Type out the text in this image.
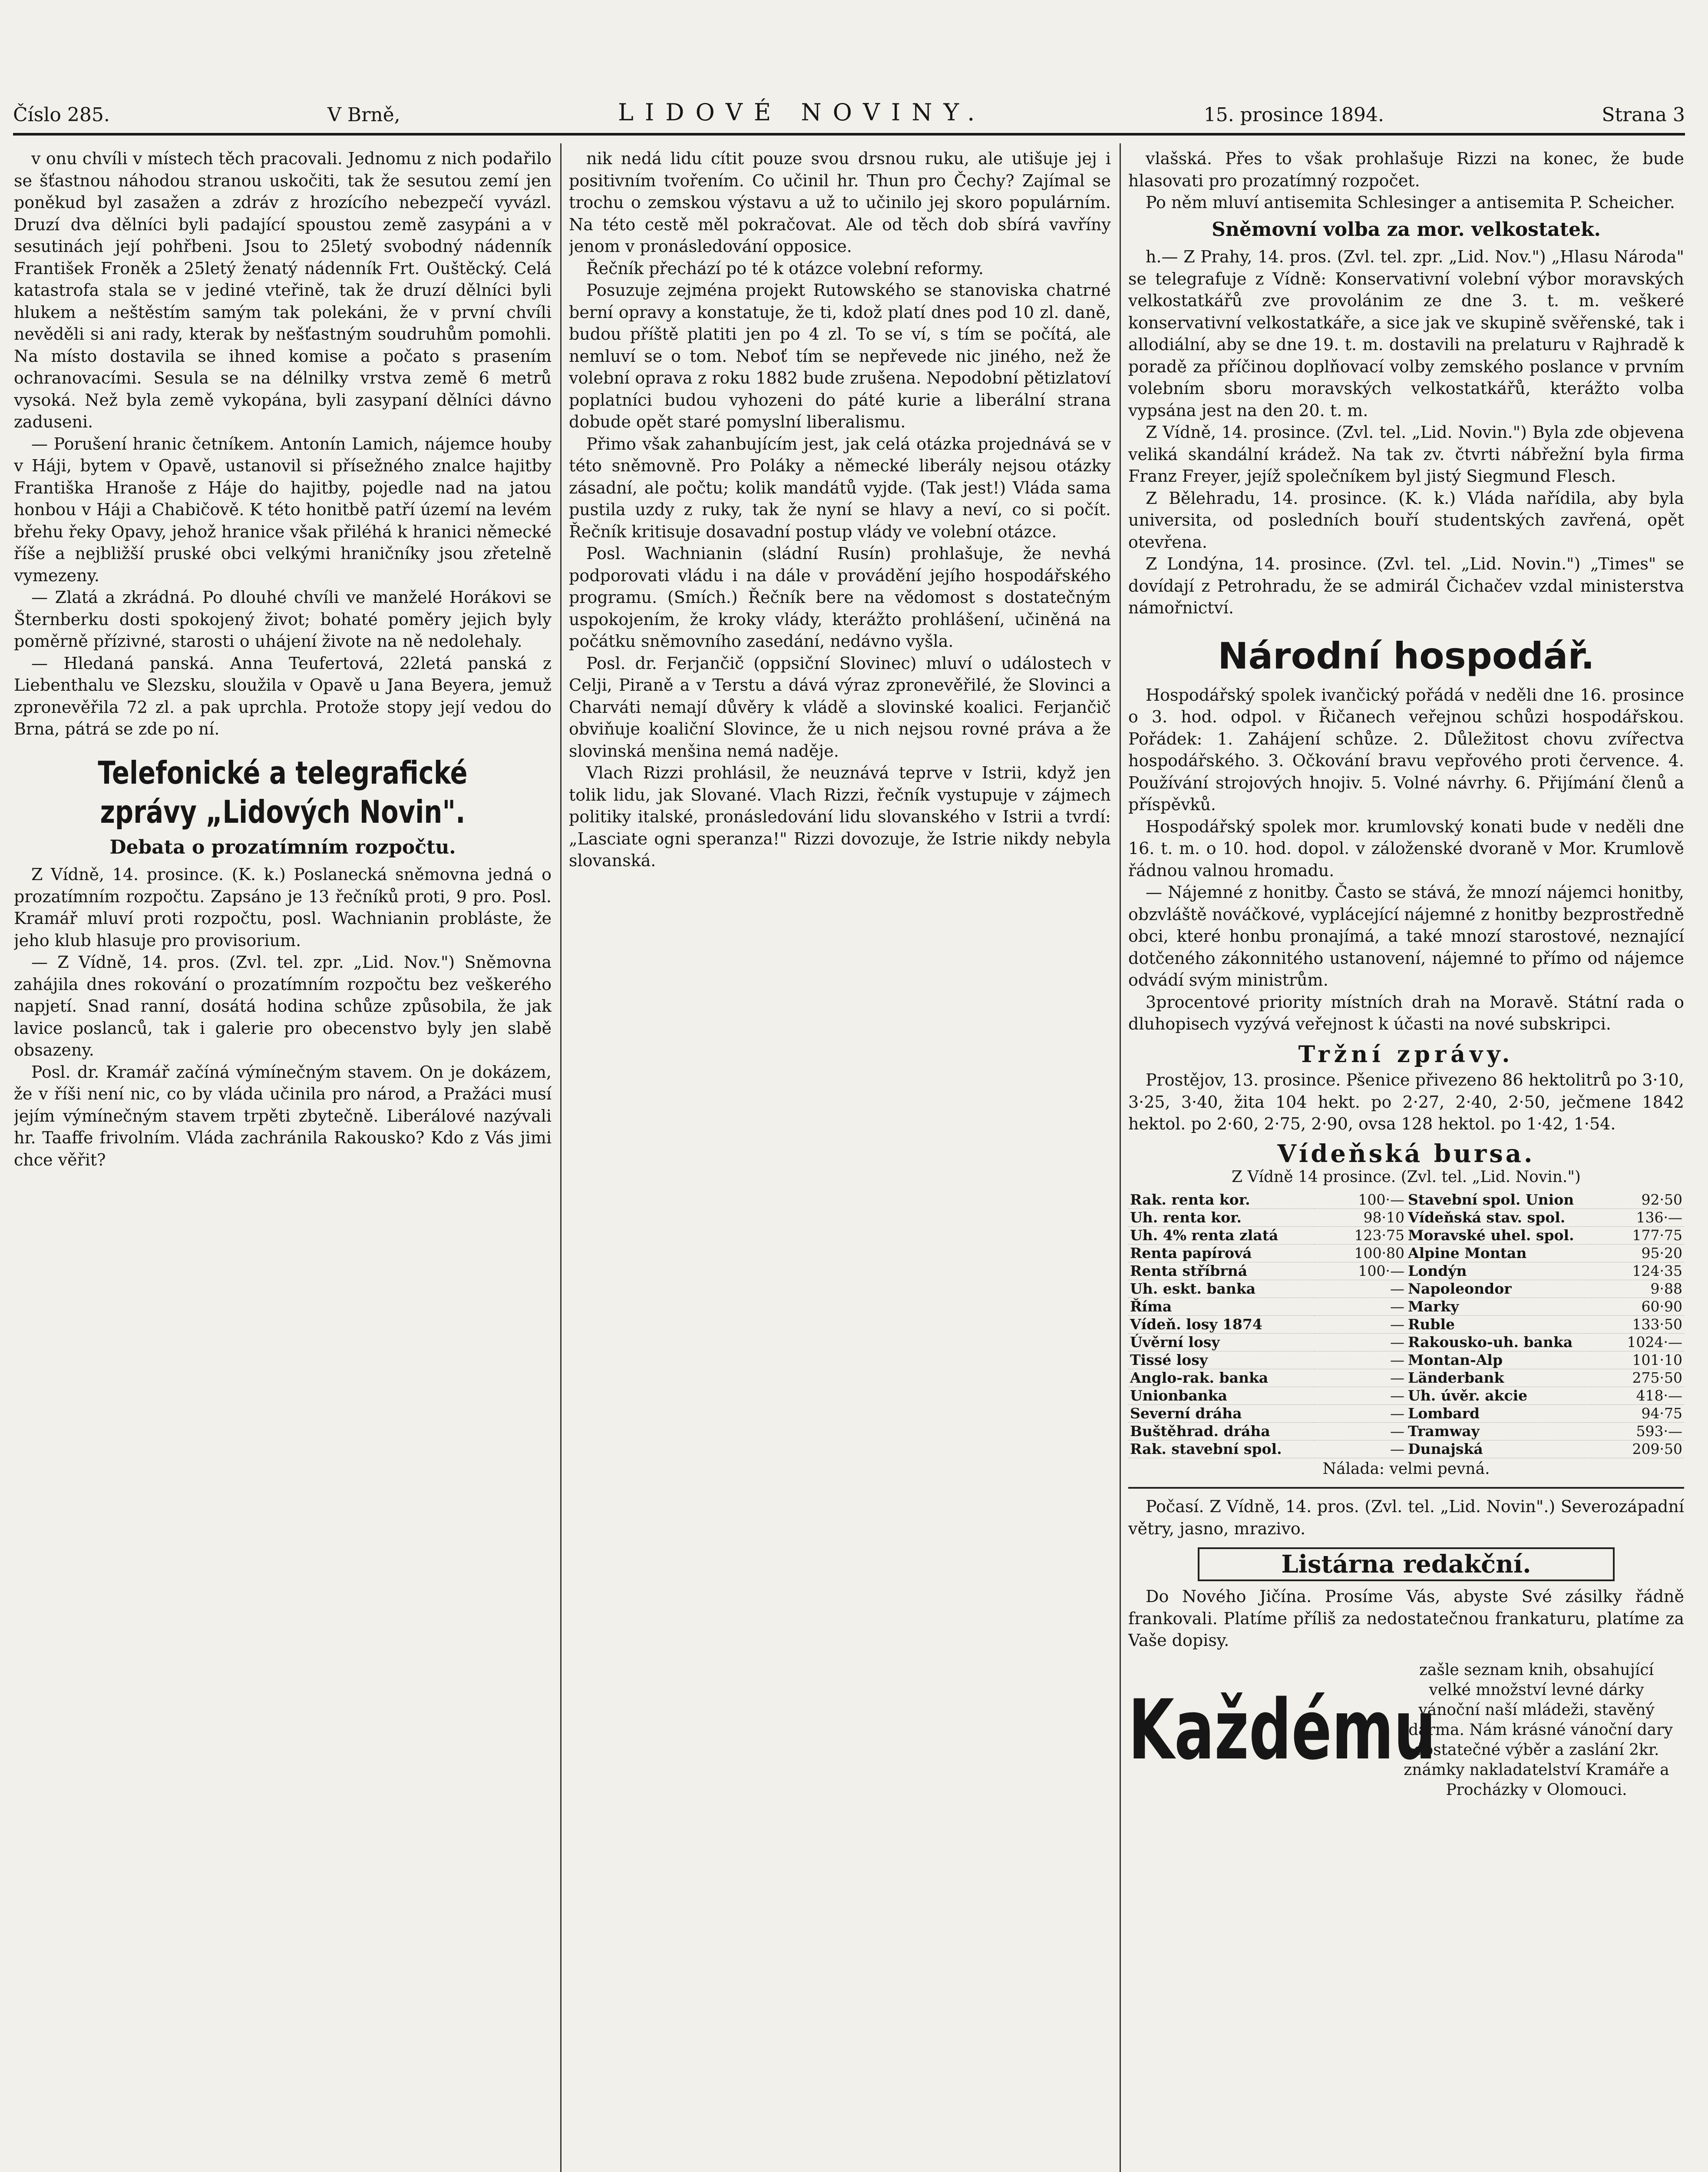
Číslo 285.	V Brně,	LIDOVÉ NOVINY.	15. prosince 1894.	Strana 3

v onu chvíli v místech těch pracovali. Jednomu z nich podařilo se šťastnou náhodou stranou uskočiti, tak že sesutou zemí jen poněkud byl zasažen a zdráv z hrozícího nebezpečí vyvázl. Druzí dva dělníci byli padající spoustou země zasypáni a v sesutinách její pohřbeni. Jsou to 25letý svobodný nádenník František Froněk a 25letý ženatý nádenník Frt. Ouštěcký. Celá katastrofa stala se v jediné vteřině, tak že druzí dělníci byli hlukem a neštěstím samým tak polekáni, že v první chvíli nevěděli si ani rady, kterak by nešťastným soudruhům pomohli. Na místo dostavila se ihned komise a počato s prasením ochranovacími. Sesula se na délnilky vrstva země 6 metrů vysoká. Než byla země vykopána, byli zasypaní dělníci dávno zaduseni.

— Porušení hranic četníkem. Antonín Lamich, nájemce houby v Háji, bytem v Opavě, ustanovil si přísežného znalce hajitby Františka Hranoše z Háje do hajitby, pojedle nad na jatou honbou v Háji a Chabičově. K této honitbě patří území na levém břehu řeky Opavy, jehož hranice však přiléhá k hranici německé říše a nejbližší pruské obci velkými hraničníky jsou zřetelně vymezeny.

— Zlatá a zkrádná. Po dlouhé chvíli ve manželé Horákovi se Šternberku dosti spokojený život; bohaté poměry jejich byly poměrně přízivné, starosti o uhájení živote na ně nedolehaly.

— Hledaná panská. Anna Teufertová, 22letá panská z Liebenthalu ve Slezsku, sloužila v Opavě u Jana Beyera, jemuž zpronevěřila 72 zl. a pak uprchla. Protože stopy její vedou do Brna, pátrá se zde po ní.

Telefonické a telegrafické zprávy „Lidových Novin".
Debata o prozatímním rozpočtu.

Z Vídně, 14. prosince. (K. k.) Poslanecká sněmovna jedná o prozatímním rozpočtu. Zapsáno je 13 řečníků proti, 9 pro. Posl. Kramář mluví proti rozpočtu, posl. Wachnianin probláste, že jeho klub hlasuje pro provisorium.

— Z Vídně, 14. pros. (Zvl. tel. zpr. „Lid. Nov.") Sněmovna zahájila dnes rokování o prozatímním rozpočtu bez veškerého napjetí. Snad ranní, dosátá hodina schůze způsobila, že jak lavice poslanců, tak i galerie pro obecenstvo byly jen slabě obsazeny.

Posl. dr. Kramář začíná výmínečným stavem. On je dokázem, že v říši není nic, co by vláda učinila pro národ, a Pražáci musí jejím výmínečným stavem trpěti zbytečně. Liberálové nazývali hr. Taaffe frivolním. Vláda zachránila Rakousko? Kdo z Vás jimi chce věřit?

nik nedá lidu cítit pouze svou drsnou ruku, ale utišuje jej i positivním tvořením. Co učinil hr. Thun pro Čechy? Zajímal se trochu o zemskou výstavu a už to učinilo jej skoro populárním. Na této cestě měl pokračovat. Ale od těch dob sbírá vavříny jenom v pronásledování opposice.

Řečník přechází po té k otázce volební reformy.

Posuzuje zejména projekt Rutowského se stanoviska chatrné berní opravy a konstatuje, že ti, kdož platí dnes pod 10 zl. daně, budou příště platiti jen po 4 zl. To se ví, s tím se počítá, ale nemluví se o tom. Neboť tím se nepřevede nic jiného, než že volební oprava z roku 1882 bude zrušena. Nepodobní pětizlatoví poplatníci budou vyhozeni do páté kurie a liberální strana dobude opět staré pomyslní liberalismu.

Přimo však zahanbujícím jest, jak celá otázka projednává se v této sněmovně. Pro Poláky a německé liberály nejsou otázky zásadní, ale počtu; kolik mandátů vyjde. (Tak jest!) Vláda sama pustila uzdy z ruky, tak že nyní se hlavy a neví, co si počít. Řečník kritisuje dosavadní postup vlády ve volební otázce.

Posl. Wachnianin (sládní Rusín) prohlašuje, že nevhá podporovati vládu i na dále v provádění jejího hospodářského programu. (Smích.) Řečník bere na vědomost s dostatečným uspokojením, že kroky vlády, kterážto prohlášení, učiněná na počátku sněmovního zasedání, nedávno vyšla.

Posl. dr. Ferjančič (oppsiční Slovinec) mluví o událostech v Celji, Piraně a v Terstu a dává výraz zpronevěřilé, že Slovinci a Charváti nemají důvěry k vládě a slovinské koalici. Ferjančič obviňuje koaliční Slovince, že u nich nejsou rovné práva a že slovinská menšina nemá naděje.

Vlach Rizzi prohlásil, že neuznává teprve v Istrii, když jen tolik lidu, jak Slované. Vlach Rizzi, řečník vystupuje v zájmech politiky italské, pronásledování lidu slovanského v Istrii a tvrdí: „Lasciate ogni speranza!" Rizzi dovozuje, že Istrie nikdy nebyla slovanská.

vlašská. Přes to však prohlašuje Rizzi na konec, že bude hlasovati pro prozatímný rozpočet.

Po něm mluví antisemita Schlesinger a antisemita P. Scheicher.

Sněmovní volba za mor. velkostatek.

h.— Z Prahy, 14. pros. (Zvl. tel. zpr. „Lid. Nov.") „Hlasu Národa" se telegrafuje z Vídně: Konservativní volební výbor moravských velkostatkářů zve provolánim ze dne 3. t. m. veškeré konservativní velkostatkáře, a sice jak ve skupině svěřenské, tak i allodiální, aby se dne 19. t. m. dostavili na prelaturu v Rajhradě k poradě za příčinou doplňovací volby zemského poslance v prvním volebním sboru moravských velkostatkářů, kterážto volba vypsána jest na den 20. t. m.

Z Vídně, 14. prosince. (Zvl. tel. „Lid. Novin.") Byla zde objevena veliká skandální krádež. Na tak zv. čtvrti nábřežní byla firma Franz Freyer, jejíž společníkem byl jistý Siegmund Flesch.

Z Bělehradu, 14. prosince. (K. k.) Vláda nařídila, aby byla universita, od posledních bouří studentských zavřená, opět otevřena.

Z Londýna, 14. prosince. (Zvl. tel. „Lid. Novin.") „Times" se dovídají z Petrohradu, že se admirál Čichačev vzdal ministerstva námořnictví.

Národní hospodář.

Hospodářský spolek ivančický pořádá v neděli dne 16. prosince o 3. hod. odpol. v Řičanech veřejnou schůzi hospodářskou. Pořádek: 1. Zahájení schůze. 2. Důležitost chovu zvířectva hospodářského. 3. Očkování bravu vepřového proti července. 4. Používání strojových hnojiv. 5. Volné návrhy. 6. Přijímání členů a příspěvků.

Hospodářský spolek mor. krumlovský konati bude v neděli dne 16. t. m. o 10. hod. dopol. v záloženské dvoraně v Mor. Krumlově řádnou valnou hromadu.

— Nájemné z honitby. Často se stává, že mnozí nájemci honitby, obzvláště nováčkové, vyplácející nájemné z honitby bezprostředně obci, které honbu pronajímá, a také mnozí starostové, neznající dotčeného zákonnitého ustanovení, nájemné to přímo od nájemce odvádí svým ministrům.

3procentové priority místních drah na Moravě. Státní rada o dluhopisech vyzývá veřejnost k účasti na nové subskripci.

Tržní zprávy.

Prostějov, 13. prosince. Pšenice přivezeno 86 hektolitrů po 3·10, 3·25, 3·40, žita 104 hekt. po 2·27, 2·40, 2·50, ječmene 1842 hektol. po 2·60, 2·75, 2·90, ovsa 128 hektol. po 1·42, 1·54.

Vídeňská bursa.
Z Vídně 14 prosince. (Zvl. tel. „Lid. Novin.")
Rak. renta kor.	100·—	Stavební spol. Union	92·50
Uh. renta kor.	98·10	Vídeňská stav. spol.	136·—
Uh. 4% renta zlatá	123·75	Moravské uhel. spol.	177·75
Renta papírová	100·80	Alpine Montan	95·20
Renta stříbrná	100·—	Londýn	124·35
Uh. eskt. banka	—	Napoleondor	9·88
Říma	—	Marky	60·90
Vídeň. losy 1874	—	Ruble	133·50
Úvěrní losy	—	Rakousko-uh. banka	1024·—
Tissé losy	—	Montan-Alp	101·10
Anglo-rak. banka	—	Länderbank	275·50
Unionbanka	—	Uh. úvěr. akcie	418·—
Severní dráha	—	Lombard	94·75
Buštěhrad. dráha	—	Tramway	593·—
Rak. stavební spol.	—	Dunajská	209·50
Nálada: velmi pevná.

Počasí. Z Vídně, 14. pros. (Zvl. tel. „Lid. Novin".) Severozápadní větry, jasno, mrazivo.

Listárna redakční.

Do Nového Jičína. Prosíme Vás, abyste Své zásilky řádně frankovali. Platíme příliš za nedostatečnou frankaturu, platíme za Vaše dopisy.

Každému
zašle seznam knih, obsahující velké množství levné dárky vánoční naší mládeži, stavěný zdarma. Nám krásné vánoční dary dostatečné výběr a zaslání 2kr. známky nakladatelství Kramáře a Procházky v Olomouci.
